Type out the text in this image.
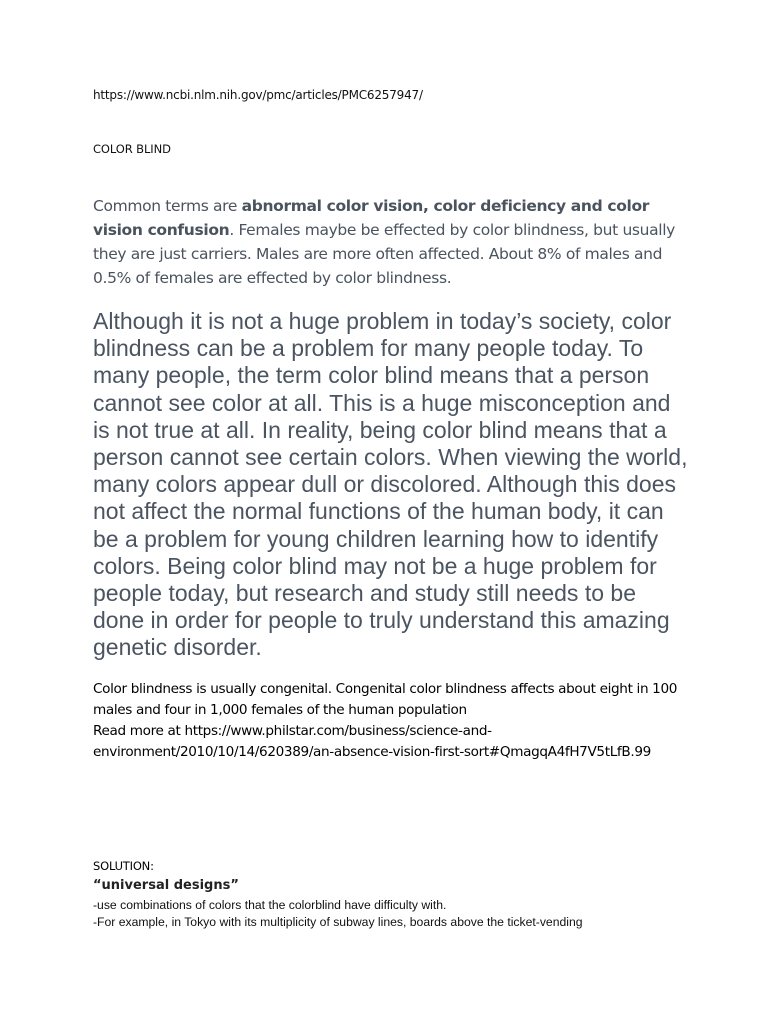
https://www.ncbi.nlm.nih.gov/pmc/articles/PMC6257947/

COLOR BLIND

Common terms are abnormal color vision, color deficiency and color vision confusion. Females maybe be effected by color blindness, but usually they are just carriers. Males are more often affected. About 8% of males and 0.5% of females are effected by color blindness.

Although it is not a huge problem in today’s society, color blindness can be a problem for many people today. To many people, the term color blind means that a person cannot see color at all. This is a huge misconception and is not true at all. In reality, being color blind means that a person cannot see certain colors. When viewing the world, many colors appear dull or discolored. Although this does not affect the normal functions of the human body, it can be a problem for young children learning how to identify colors. Being color blind may not be a huge problem for people today, but research and study still needs to be done in order for people to truly understand this amazing genetic disorder.

Color blindness is usually congenital. Congenital color blindness affects about eight in 100 males and four in 1,000 females of the human population
Read more at https://www.philstar.com/business/science-and-environment/2010/10/14/620389/an-absence-vision-first-sort#QmagqA4fH7V5tLfB.99

SOLUTION:

“universal designs”

-use combinations of colors that the colorblind have difficulty with.
-For example, in Tokyo with its multiplicity of subway lines, boards above the ticket-vending
